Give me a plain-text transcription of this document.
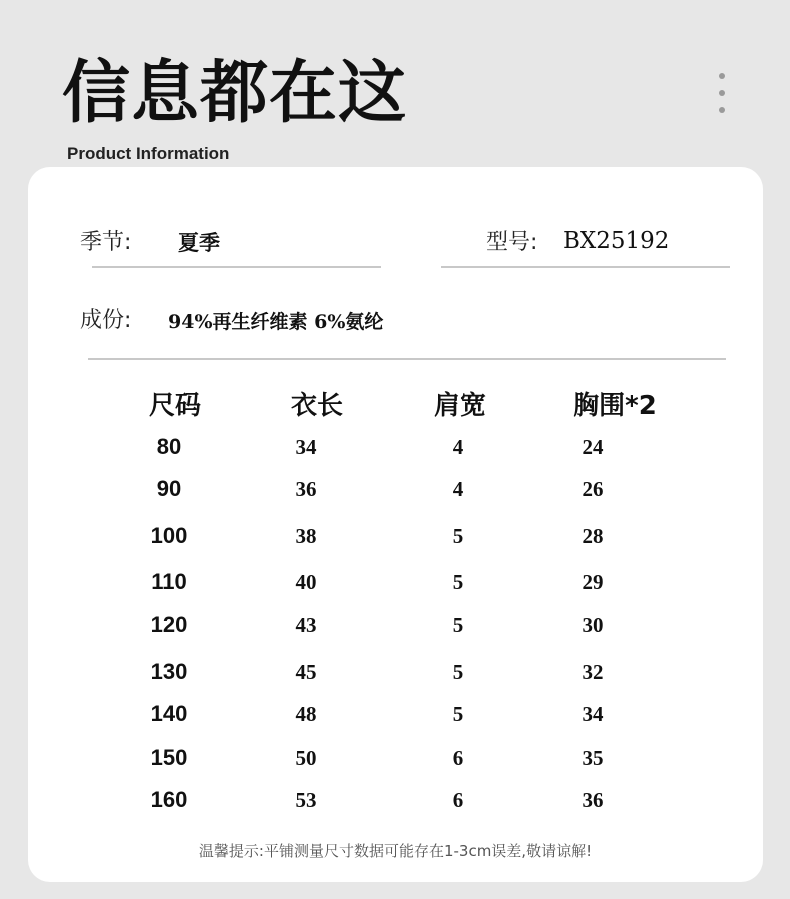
信息都在这
Product Information
季节: 夏季	型号: BX25192
成份: 94%再生纤维素 6%氨纶
尺码	衣长	肩宽	胸围*2
80	34	4	24
90	36	4	26
100	38	5	28
110	40	5	29
120	43	5	30
130	45	5	32
140	48	5	34
150	50	6	35
160	53	6	36
温馨提示:平铺测量尺寸数据可能存在1-3cm误差,敬请谅解!
